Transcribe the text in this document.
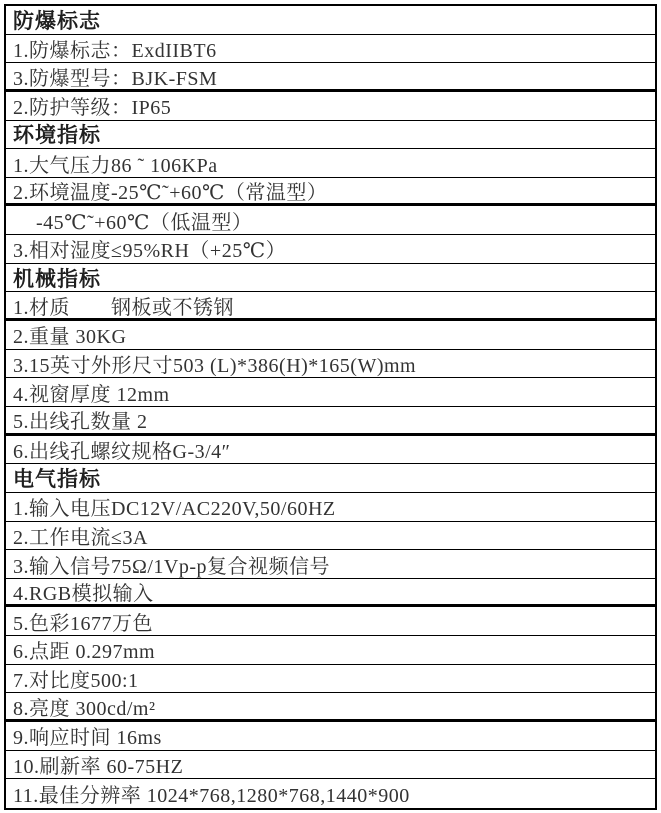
防爆标志
1.防爆标志：ExdIIBT6
3.防爆型号：BJK-FSM
2.防护等级：IP65
环境指标
1.大气压力86 ˜ 106KPa
2.环境温度-25℃˜+60℃（常温型）
-45℃˜+60℃（低温型）
3.相对湿度≤95%RH（+25℃）
机械指标
1.材质　　钢板或不锈钢
2.重量 30KG
3.15英寸外形尺寸503 (L)*386(H)*165(W)mm
4.视窗厚度 12mm
5.出线孔数量 2
6.出线孔螺纹规格G-3/4″
电气指标
1.输入电压DC12V/AC220V,50/60HZ
2.工作电流≤3A
3.输入信号75Ω/1Vp-p复合视频信号
4.RGB模拟输入
5.色彩1677万色
6.点距 0.297mm
7.对比度500:1
8.亮度 300cd/m²
9.响应时间 16ms
10.刷新率 60-75HZ
11.最佳分辨率 1024*768,1280*768,1440*900
